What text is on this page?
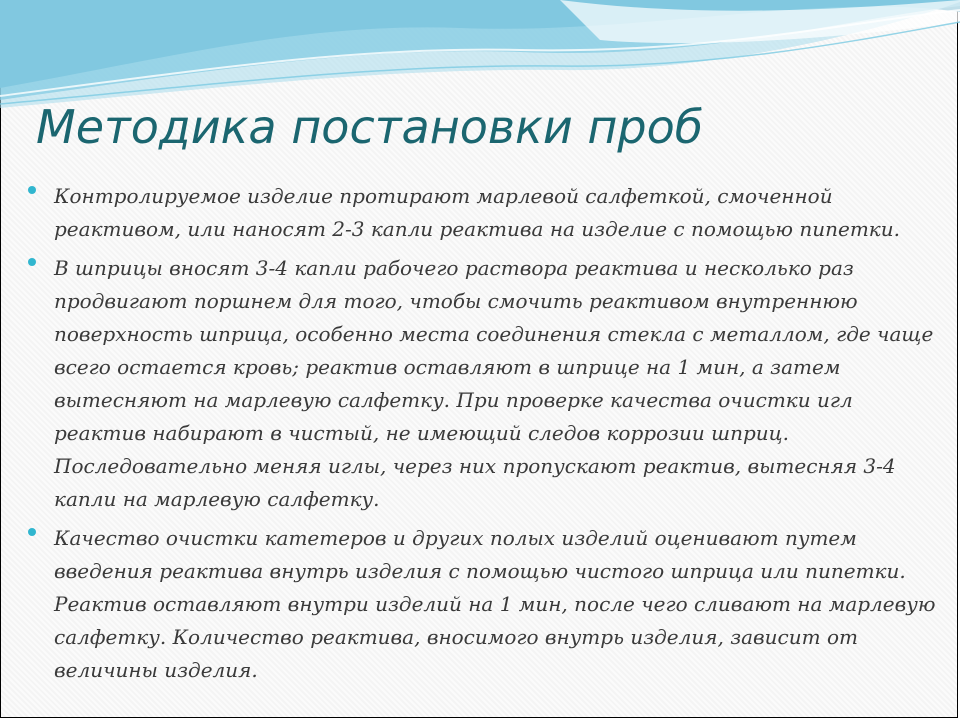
Методика постановки проб
Контролируемое изделие протирают марлевой салфеткой, смоченной реактивом, или наносят 2-3 капли реактива на изделие с помощью пипетки.
В шприцы вносят 3-4 капли рабочего раствора реактива и несколько раз продвигают поршнем для того, чтобы смочить реактивом внутреннюю поверхность шприца, особенно места соединения стекла с металлом, где чаще всего остается кровь; реактив оставляют в шприце на 1 мин, а затем вытесняют на марлевую салфетку. При проверке качества очистки игл реактив набирают в чистый, не имеющий следов коррозии шприц. Последовательно меняя иглы, через них пропускают реактив, вытесняя 3-4 капли на марлевую салфетку.
Качество очистки катетеров и других полых изделий оценивают путем введения реактива внутрь изделия с помощью чистого шприца или пипетки. Реактив оставляют внутри изделий на 1 мин, после чего сливают на марлевую салфетку. Количество реактива, вносимого внутрь изделия, зависит от величины изделия.
